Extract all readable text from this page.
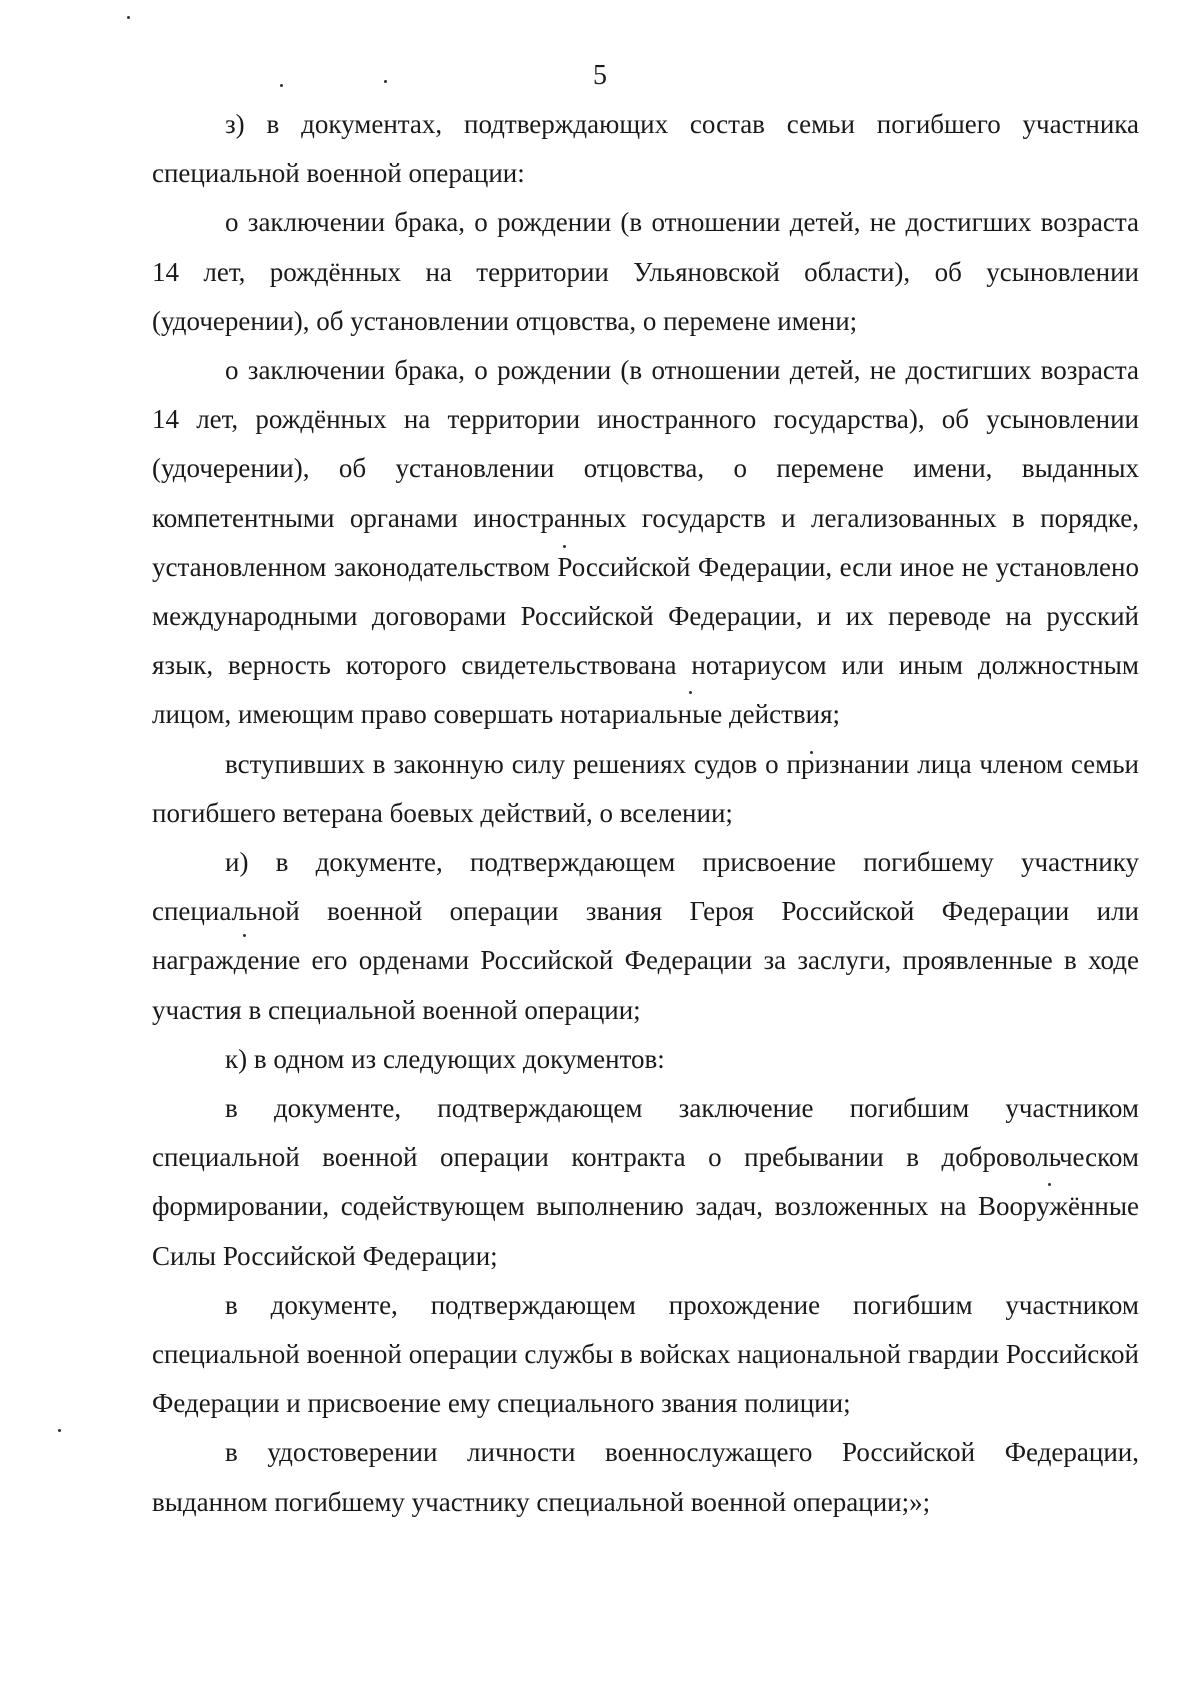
5

з) в документах, подтверждающих состав семьи погибшего участника специальной военной операции:

о заключении брака, о рождении (в отношении детей, не достигших возраста 14 лет, рождённых на территории Ульяновской области), об усыновлении (удочерении), об установлении отцовства, о перемене имени;

о заключении брака, о рождении (в отношении детей, не достигших возраста 14 лет, рождённых на территории иностранного государства), об усыновлении (удочерении), об установлении отцовства, о перемене имени, выданных компетентными органами иностранных государств и легализованных в порядке, установленном законодательством Российской Федерации, если иное не установлено международными договорами Российской Федерации, и их переводе на русский язык, верность которого свидетельствована нотариусом или иным должностным лицом, имеющим право совершать нотариальные действия;

вступивших в законную силу решениях судов о признании лица членом семьи погибшего ветерана боевых действий, о вселении;

и) в документе, подтверждающем присвоение погибшему участнику специальной военной операции звания Героя Российской Федерации или награждение его орденами Российской Федерации за заслуги, проявленные в ходе участия в специальной военной операции;

к) в одном из следующих документов:

в документе, подтверждающем заключение погибшим участником специальной военной операции контракта о пребывании в добровольческом формировании, содействующем выполнению задач, возложенных на Вооружённые Силы Российской Федерации;

в документе, подтверждающем прохождение погибшим участником специальной военной операции службы в войсках национальной гвардии Российской Федерации и присвоение ему специального звания полиции;

в удостоверении личности военнослужащего Российской Федерации, выданном погибшему участнику специальной военной операции;»;
